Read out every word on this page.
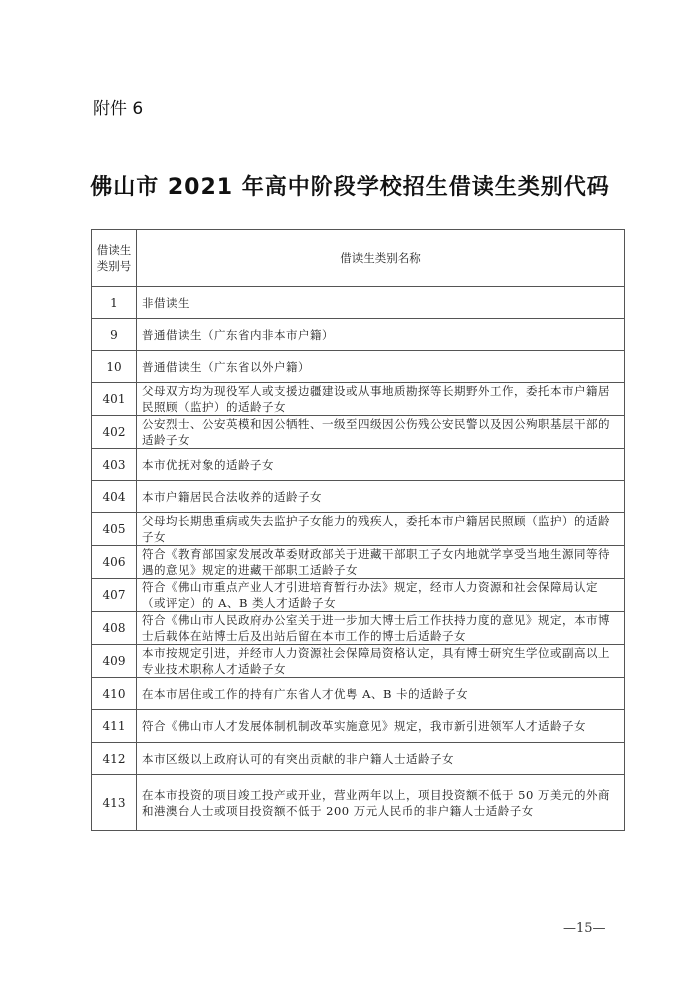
附件 6
佛山市 2021 年高中阶段学校招生借读生类别代码
借读生类别号	借读生类别名称
1	非借读生
9	普通借读生（广东省内非本市户籍）
10	普通借读生（广东省以外户籍）
401	父母双方均为现役军人或支援边疆建设或从事地质勘探等长期野外工作，委托本市户籍居民照顾（监护）的适龄子女
402	公安烈士、公安英模和因公牺牲、一级至四级因公伤残公安民警以及因公殉职基层干部的适龄子女
403	本市优抚对象的适龄子女
404	本市户籍居民合法收养的适龄子女
405	父母均长期患重病或失去监护子女能力的残疾人，委托本市户籍居民照顾（监护）的适龄子女
406	符合《教育部国家发展改革委财政部关于进藏干部职工子女内地就学享受当地生源同等待遇的意见》规定的进藏干部职工适龄子女
407	符合《佛山市重点产业人才引进培育暂行办法》规定，经市人力资源和社会保障局认定（或评定）的 A、B 类人才适龄子女
408	符合《佛山市人民政府办公室关于进一步加大博士后工作扶持力度的意见》规定，本市博士后载体在站博士后及出站后留在本市工作的博士后适龄子女
409	本市按规定引进，并经市人力资源社会保障局资格认定，具有博士研究生学位或副高以上专业技术职称人才适龄子女
410	在本市居住或工作的持有广东省人才优粤 A、B 卡的适龄子女
411	符合《佛山市人才发展体制机制改革实施意见》规定，我市新引进领军人才适龄子女
412	本市区级以上政府认可的有突出贡献的非户籍人士适龄子女
413	在本市投资的项目竣工投产或开业，营业两年以上，项目投资额不低于 50 万美元的外商和港澳台人士或项目投资额不低于 200 万元人民币的非户籍人士适龄子女
—15—
